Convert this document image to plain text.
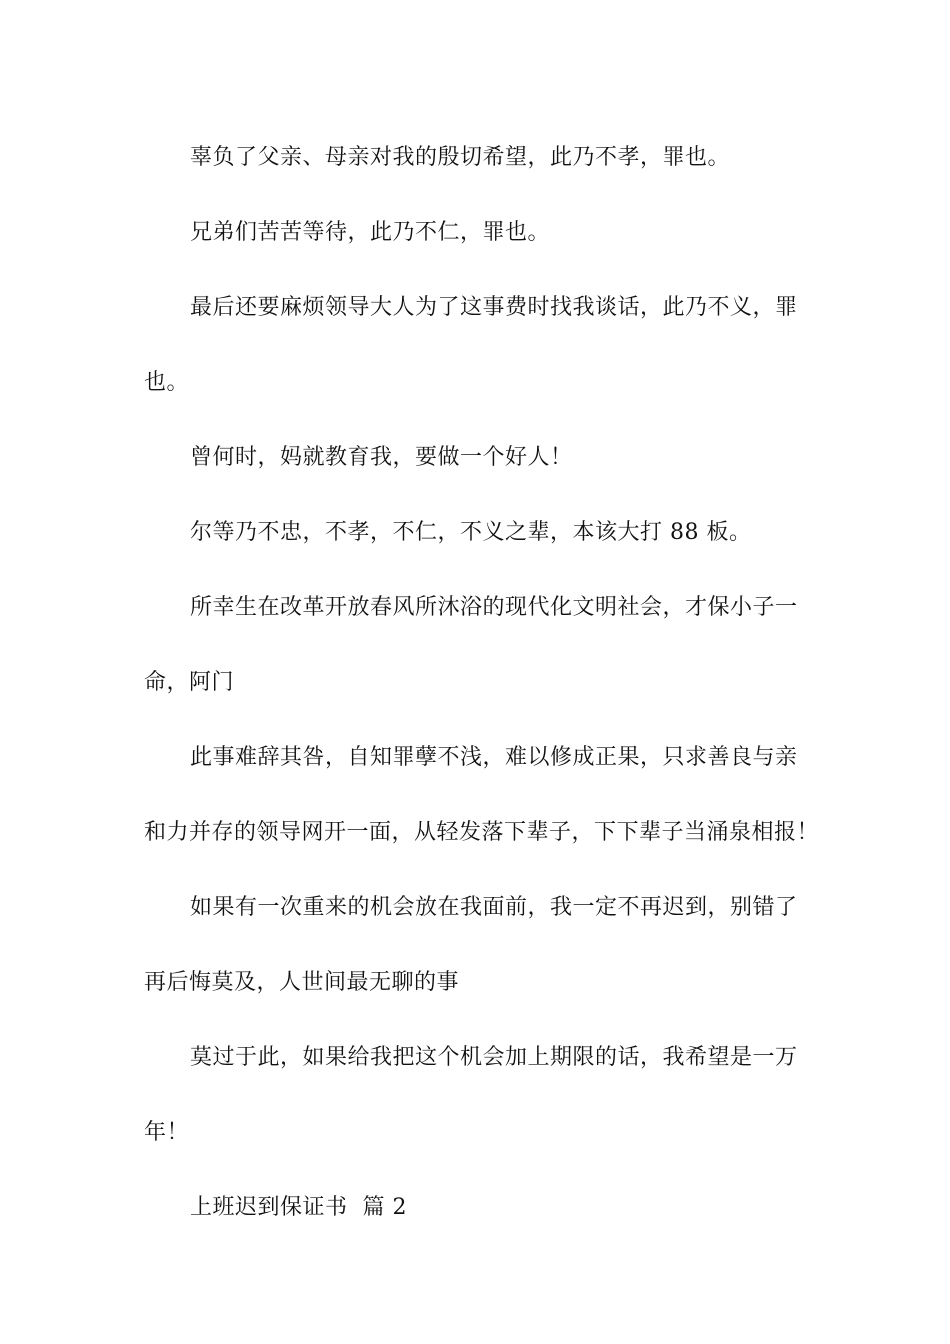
辜负了父亲、母亲对我的殷切希望，此乃不孝，罪也。
兄弟们苦苦等待，此乃不仁，罪也。
最后还要麻烦领导大人为了这事费时找我谈话，此乃不义，罪
也。
曾何时，妈就教育我，要做一个好人！
尔等乃不忠，不孝，不仁，不义之辈，本该大打 88 板。
所幸生在改革开放春风所沐浴的现代化文明社会，才保小子一
命，阿门
此事难辞其咎，自知罪孽不浅，难以修成正果，只求善良与亲
和力并存的领导网开一面，从轻发落下辈子，下下辈子当涌泉相报！
如果有一次重来的机会放在我面前，我一定不再迟到，别错了
再后悔莫及，人世间最无聊的事
莫过于此，如果给我把这个机会加上期限的话，我希望是一万
年！
上班迟到保证书  篇 2
